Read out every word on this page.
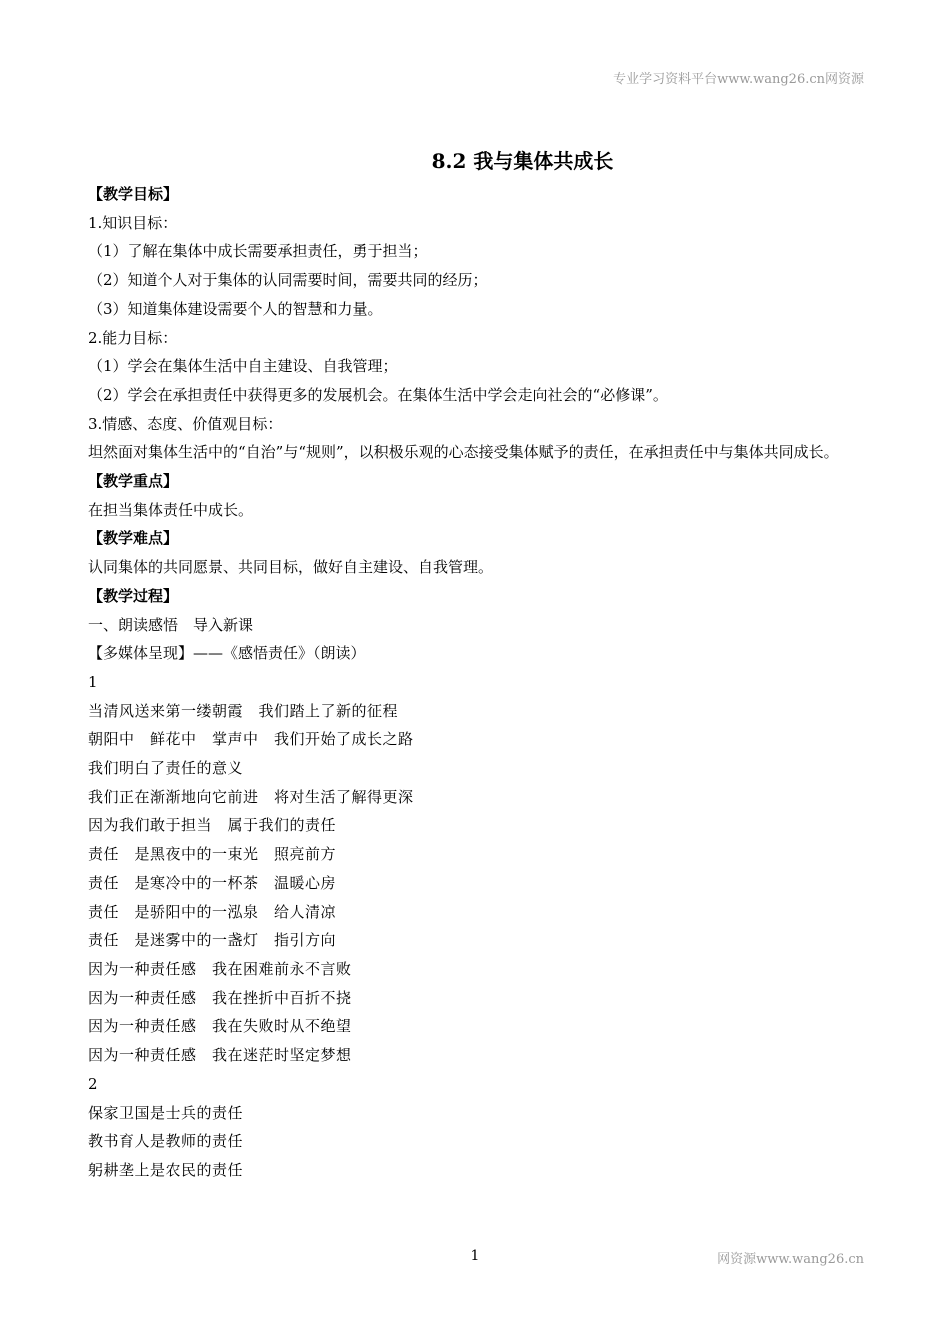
专业学习资料平台www.wang26.cn网资源
8.2 我与集体共成长
【教学目标】
1.知识目标：
（1）了解在集体中成长需要承担责任，勇于担当；
（2）知道个人对于集体的认同需要时间，需要共同的经历；
（3）知道集体建设需要个人的智慧和力量。
2.能力目标：
（1）学会在集体生活中自主建设、自我管理；
（2）学会在承担责任中获得更多的发展机会。在集体生活中学会走向社会的“必修课”。
3.情感、态度、价值观目标：
坦然面对集体生活中的“自治”与“规则”，以积极乐观的心态接受集体赋予的责任，在承担责任中与集体共同成长。
【教学重点】
在担当集体责任中成长。
【教学难点】
认同集体的共同愿景、共同目标，做好自主建设、自我管理。
【教学过程】
一、朗读感悟　导入新课
【多媒体呈现】——《感悟责任》（朗读）
1
当清风送来第一缕朝霞　我们踏上了新的征程
朝阳中　鲜花中　掌声中　我们开始了成长之路
我们明白了责任的意义
我们正在渐渐地向它前进　将对生活了解得更深
因为我们敢于担当　属于我们的责任
责任　是黑夜中的一束光　照亮前方
责任　是寒冷中的一杯茶　温暖心房
责任　是骄阳中的一泓泉　给人清凉
责任　是迷雾中的一盏灯　指引方向
因为一种责任感　我在困难前永不言败
因为一种责任感　我在挫折中百折不挠
因为一种责任感　我在失败时从不绝望
因为一种责任感　我在迷茫时坚定梦想
2
保家卫国是士兵的责任
教书育人是教师的责任
躬耕垄上是农民的责任
1	网资源www.wang26.cn
